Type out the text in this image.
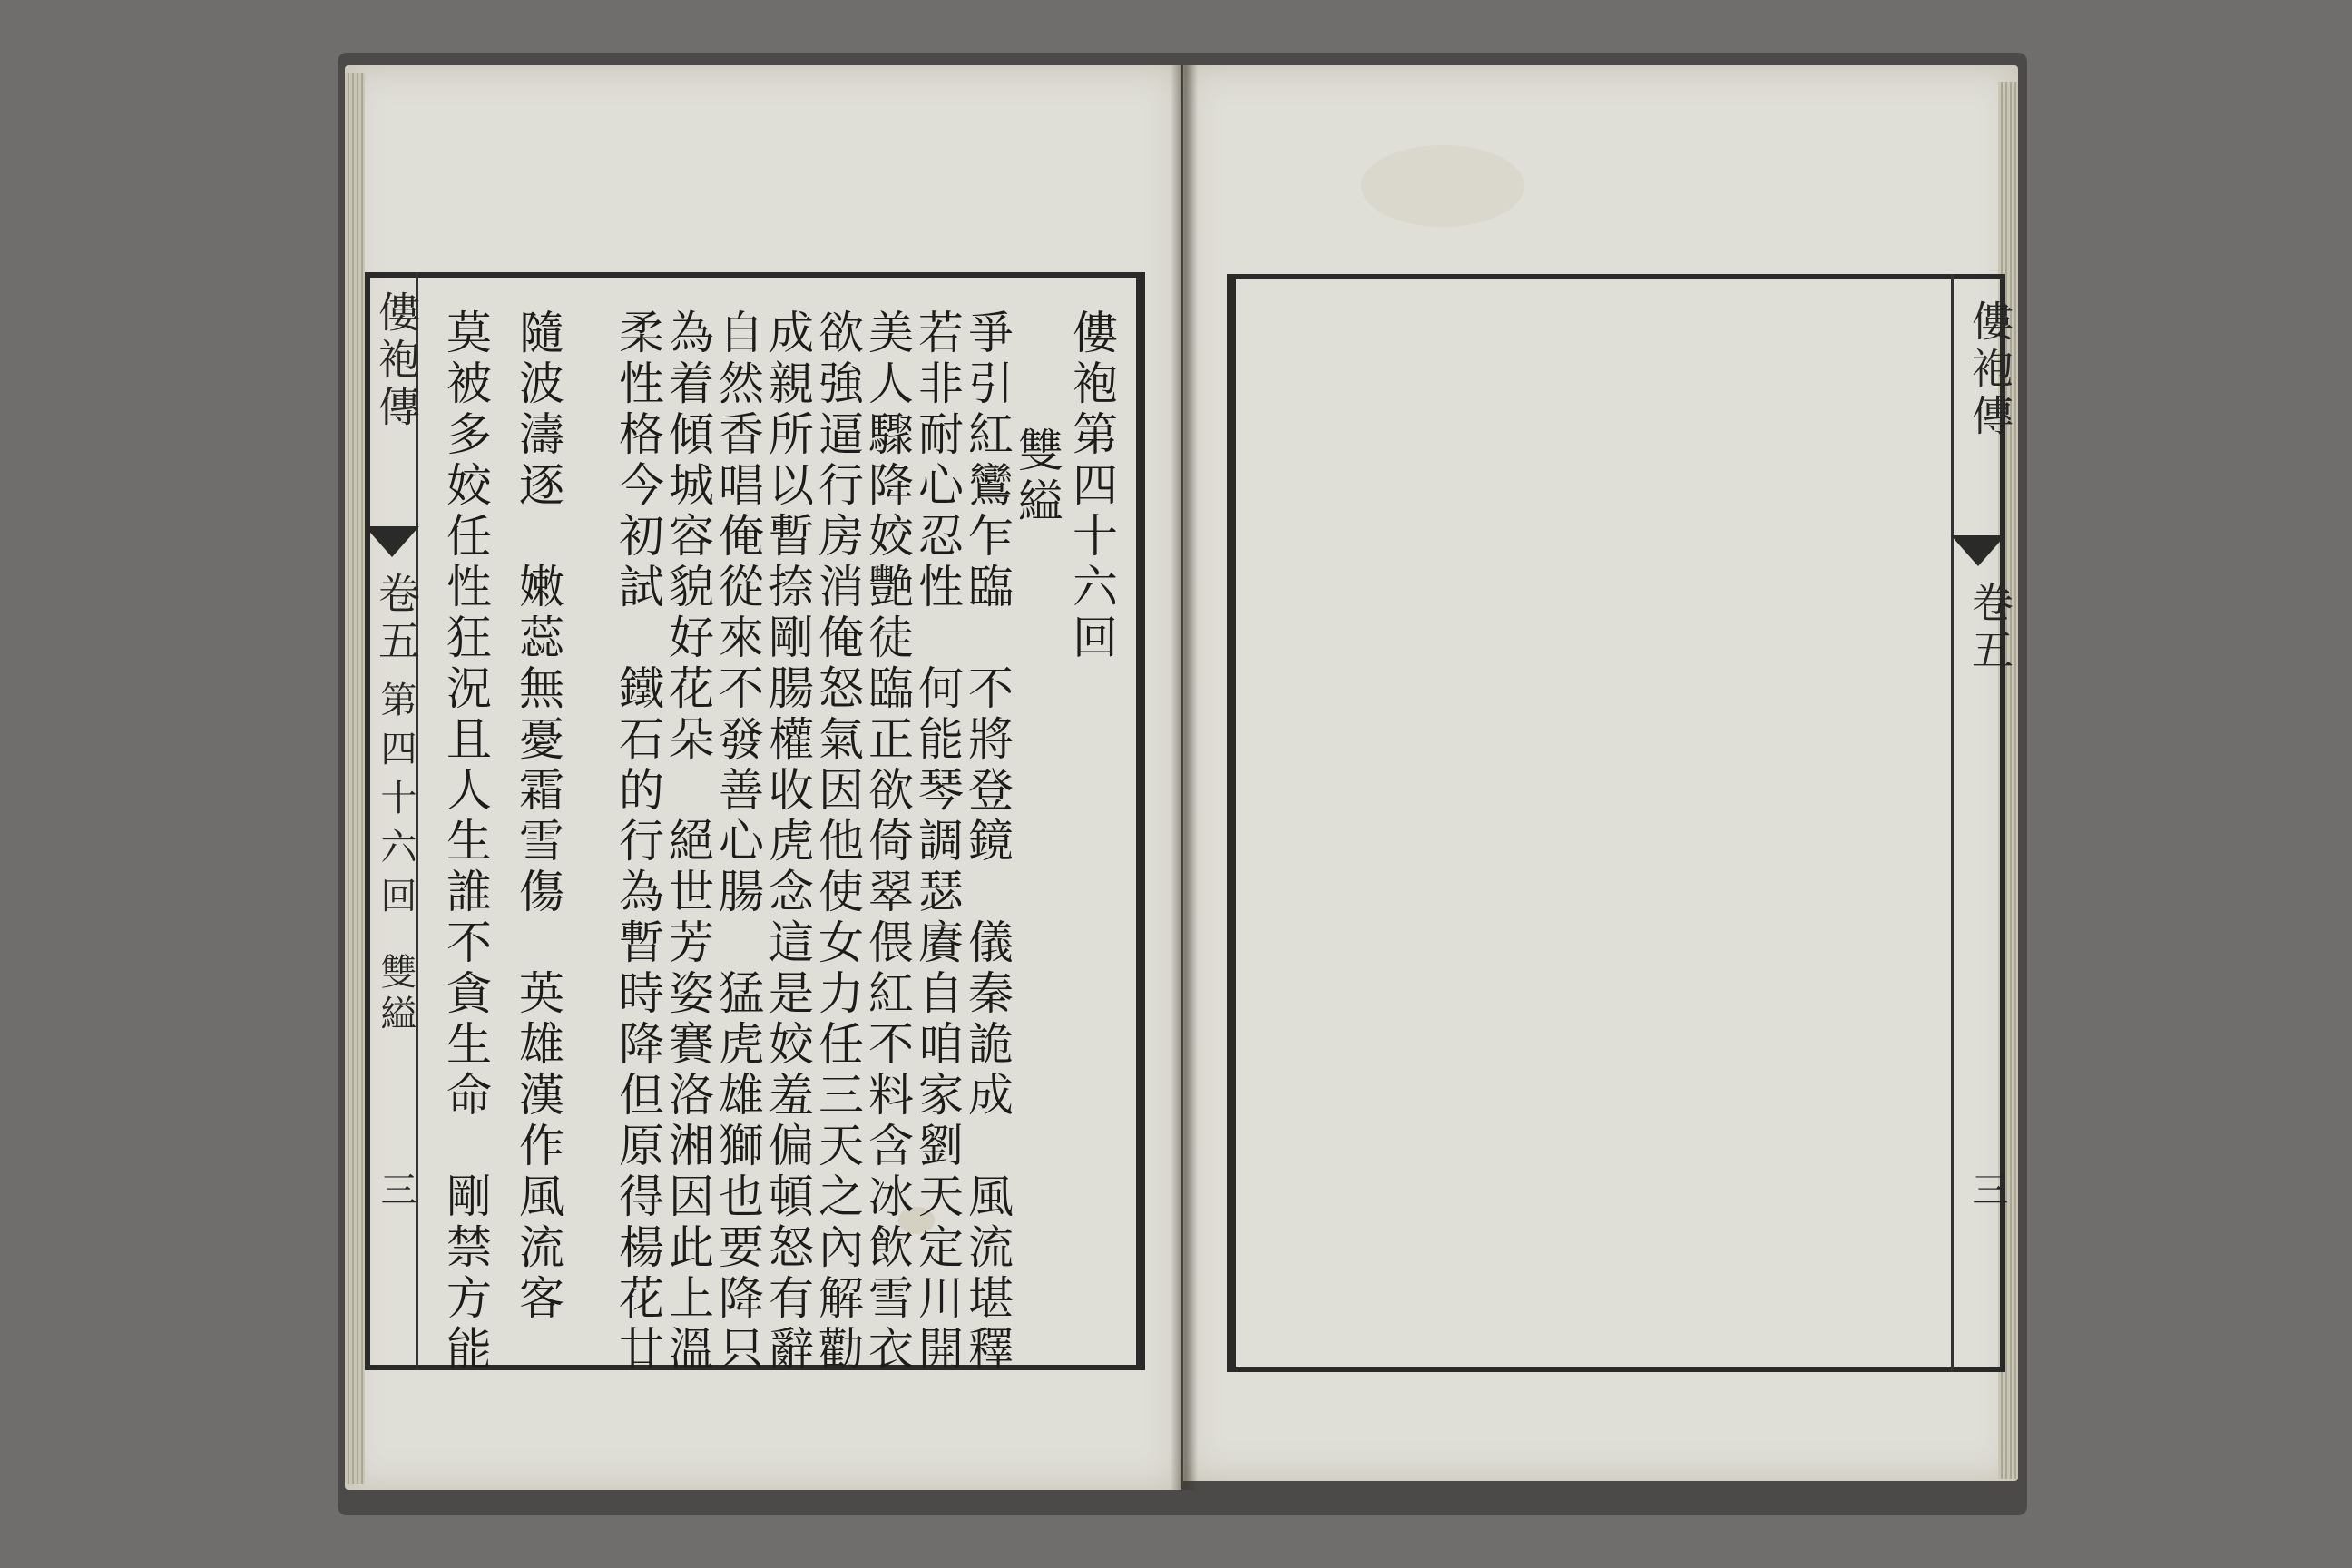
僂袍傳
卷五
第四十六回
雙縊
三
僂袍第四十六回
雙縊
爭引紅鸞乍臨　不將登鏡　儀秦詭成　風流堪釋
若非耐心忍性　何能琴調瑟賡自咱家劉天定川開
美人驟降姣艷徒臨正欲倚翠偎紅不料含冰飲雪衣
欲強逼行房消俺怒氣因他使女力任三天之內解勸
成親所以暫捺剛腸權收虎念這是姣羞偏頓怒有辭
自然香唱俺從來不發善心腸　猛虎雄獅也要降只
為着傾城容貌好花朵　絕世芳姿賽洛湘因此上溫
柔性格今初試　鐵石的行為暫時降但原得楊花廿
隨波濤逐　嫩蕊無憂霜雪傷　英雄漢作風流客
莫被多姣任性狂況且人生誰不貪生命　剛禁方能	僂袍傳
卷五
三
